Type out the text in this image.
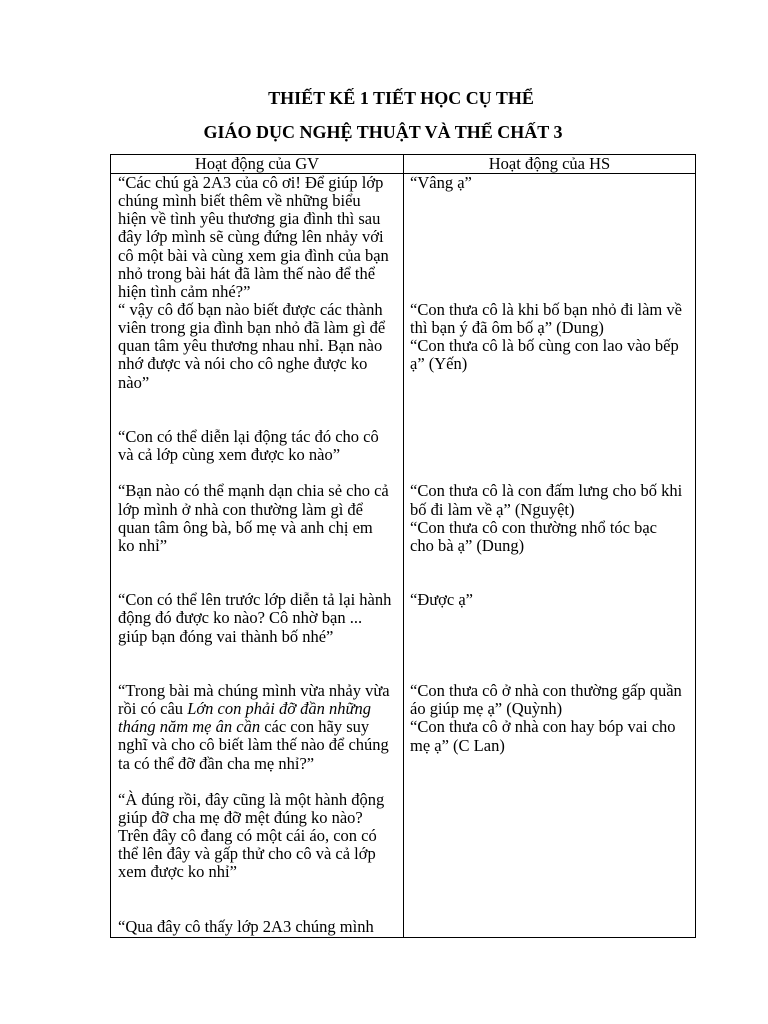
THIẾT KẾ 1 TIẾT HỌC CỤ THỂ
GIÁO DỤC NGHỆ THUẬT VÀ THỂ CHẤT 3
Hoạt động của GV	Hoạt động của HS
“Các chú gà 2A3 của cô ơi! Để giúp lớp
chúng mình biết thêm về những biểu
hiện về tình yêu thương gia đình thì sau
đây lớp mình sẽ cùng đứng lên nhảy với
cô một bài và cùng xem gia đình của bạn
nhỏ trong bài hát đã làm thế nào để thể
hiện tình cảm nhé?”
“ vậy cô đố bạn nào biết được các thành
viên trong gia đình bạn nhỏ đã làm gì để
quan tâm yêu thương nhau nhỉ. Bạn nào
nhớ được và nói cho cô nghe được ko
nào”
“Con có thể diễn lại động tác đó cho cô
và cả lớp cùng xem được ko nào”
“Bạn nào có thể mạnh dạn chia sẻ cho cả
lớp mình ở nhà con thường làm gì để
quan tâm ông bà, bố mẹ và anh chị em
ko nhỉ”
“Con có thể lên trước lớp diễn tả lại hành
động đó được ko nào? Cô nhờ bạn ...
giúp bạn đóng vai thành bố nhé”
“Trong bài mà chúng mình vừa nhảy vừa
rồi có câu Lớn con phải đỡ đần những
tháng năm mẹ ân cần các con hãy suy
nghĩ và cho cô biết làm thế nào để chúng
ta có thể đỡ đần cha mẹ nhỉ?”
“À đúng rồi, đây cũng là một hành động
giúp đỡ cha mẹ đỡ mệt đúng ko nào?
Trên đây cô đang có một cái áo, con có
thể lên đây và gấp thử cho cô và cả lớp
xem được ko nhỉ”
“Qua đây cô thấy lớp 2A3 chúng mình
“Vâng ạ”
“Con thưa cô là khi bố bạn nhỏ đi làm về
thì bạn ý đã ôm bố ạ” (Dung)
“Con thưa cô là bố cùng con lao vào bếp
ạ” (Yến)
“Con thưa cô là con đấm lưng cho bố khi
bố đi làm về ạ” (Nguyệt)
“Con thưa cô con thường nhổ tóc bạc
cho bà ạ” (Dung)
“Được ạ”
“Con thưa cô ở nhà con thường gấp quần
áo giúp mẹ ạ” (Quỳnh)
“Con thưa cô ở nhà con hay bóp vai cho
mẹ ạ” (C Lan)
